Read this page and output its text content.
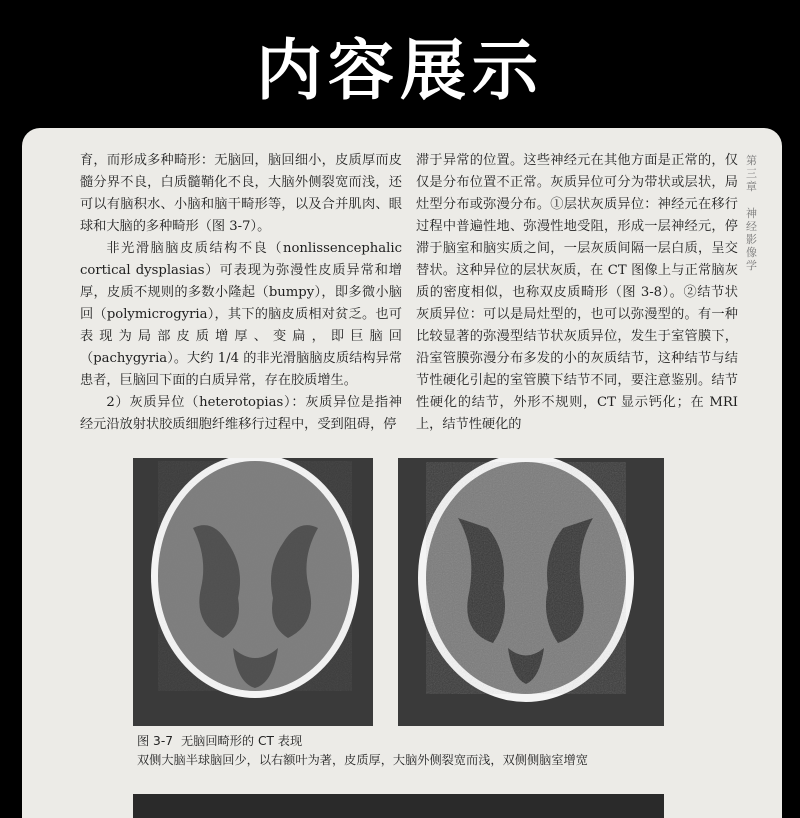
内容展示

育，而形成多种畸形：无脑回，脑回细小，皮质厚而皮髓分界不良，白质髓鞘化不良，大脑外侧裂宽而浅，还可以有脑积水、小脑和脑干畸形等，以及合并肌肉、眼球和大脑的多种畸形（图 3-7）。

非光滑脑脑皮质结构不良（nonlissencephalic cortical dysplasias）可表现为弥漫性皮质异常和增厚，皮质不规则的多数小隆起（bumpy），即多微小脑回（polymicrogyria），其下的脑皮质相对贫乏。也可表现为局部皮质增厚、变扁，即巨脑回（pachygyria）。大约 1/4 的非光滑脑脑皮质结构异常患者，巨脑回下面的白质异常，存在胶质增生。

2）灰质异位（heterotopias）：灰质异位是指神经元沿放射状胶质细胞纤维移行过程中，受到阻碍，停

滞于异常的位置。这些神经元在其他方面是正常的，仅仅是分布位置不正常。灰质异位可分为带状或层状，局灶型分布或弥漫分布。①层状灰质异位：神经元在移行过程中普遍性地、弥漫性地受阻，形成一层神经元，停滞于脑室和脑实质之间，一层灰质间隔一层白质，呈交替状。这种异位的层状灰质，在 CT 图像上与正常脑灰质的密度相似，也称双皮质畸形（图 3-8）。②结节状灰质异位：可以是局灶型的，也可以弥漫型的。有一种比较显著的弥漫型结节状灰质异位，发生于室管膜下，沿室管膜弥漫分布多发的小的灰质结节，这种结节与结节性硬化引起的室管膜下结节不同，要注意鉴别。结节性硬化的结节，外形不规则，CT 显示钙化；在 MRI 上，结节性硬化的

第三章
神经影像学

图 3-7 无脑回畸形的 CT 表现

双侧大脑半球脑回少，以右额叶为著，皮质厚，大脑外侧裂宽而浅，双侧侧脑室增宽
